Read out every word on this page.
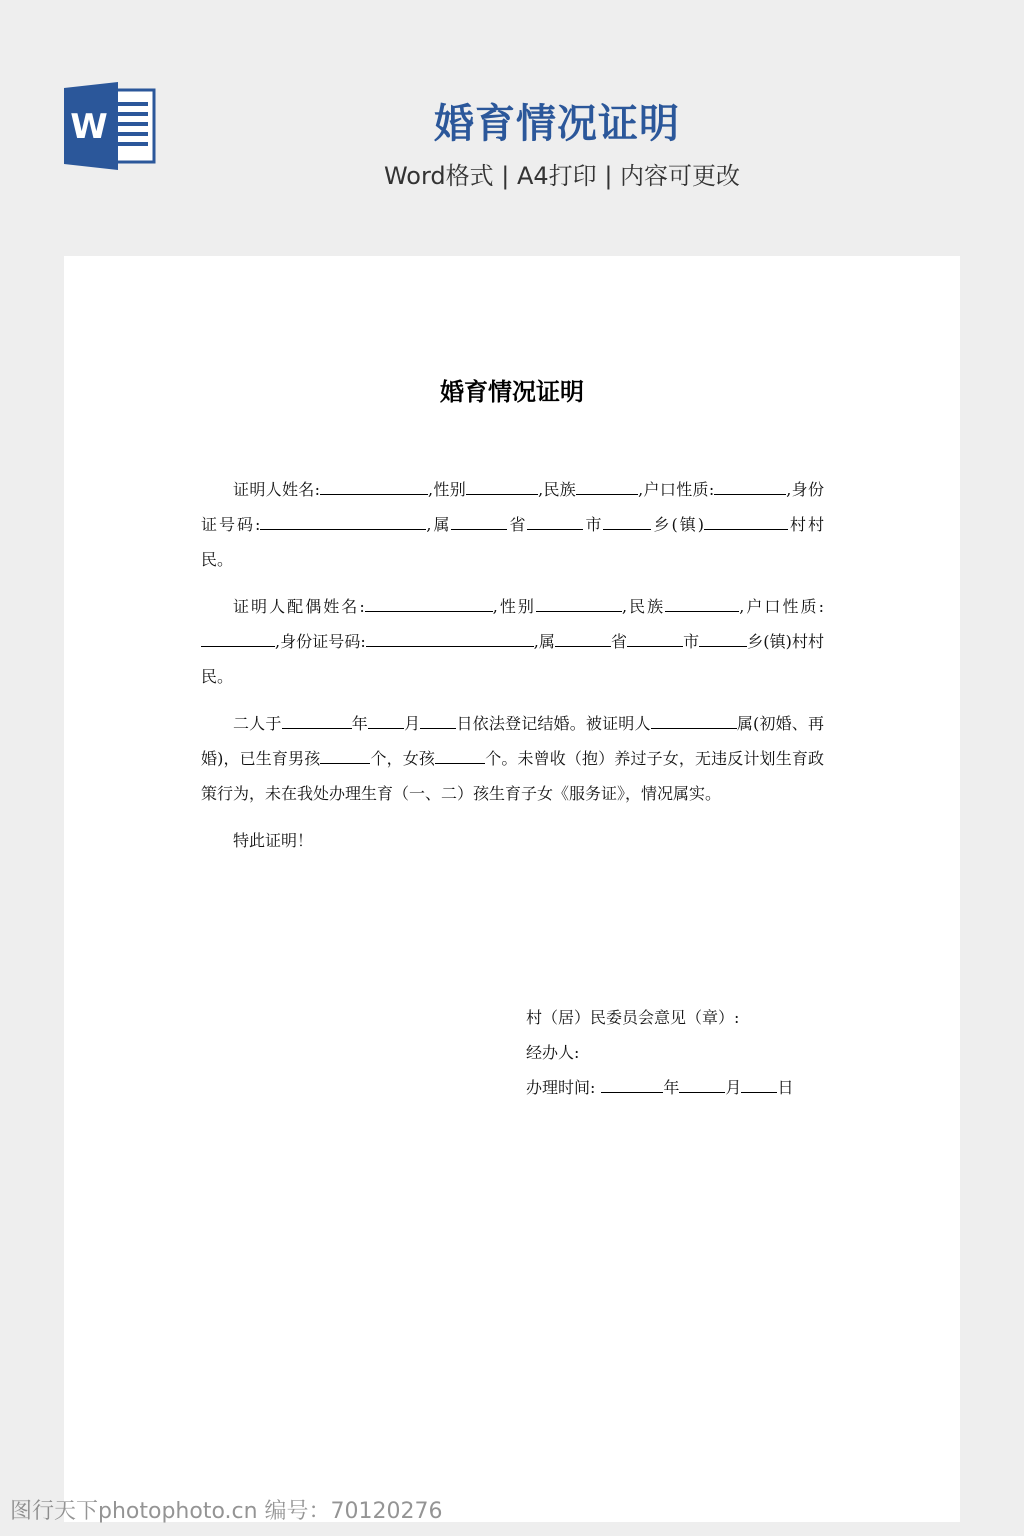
W	婚育情况证明
Word格式 | A4打印 | 内容可更改
婚育情况证明

证明人姓名:	,性别	,民族	,户口性质:	,身份证号码:	,属	省	市	乡(镇)	村村民。

证明人配偶姓名:	,性别	,民族	,户口性质:,身份证号码:	,属	省	市	乡(镇)村村民。

二人于	年 月 日依法登记结婚。被证明人	属(初婚、再婚)，已生育男孩	个，女孩	个。未曾收（抱）养过子女，无违反计划生育政策行为，未在我处办理生育（一、二）孩生育子女《服务证》，情况属实。

特此证明！

村（居）民委员会意见（章）:
经办人:
办理时间:	年	月 日
图行天下photophoto.cn 编号：70120276
